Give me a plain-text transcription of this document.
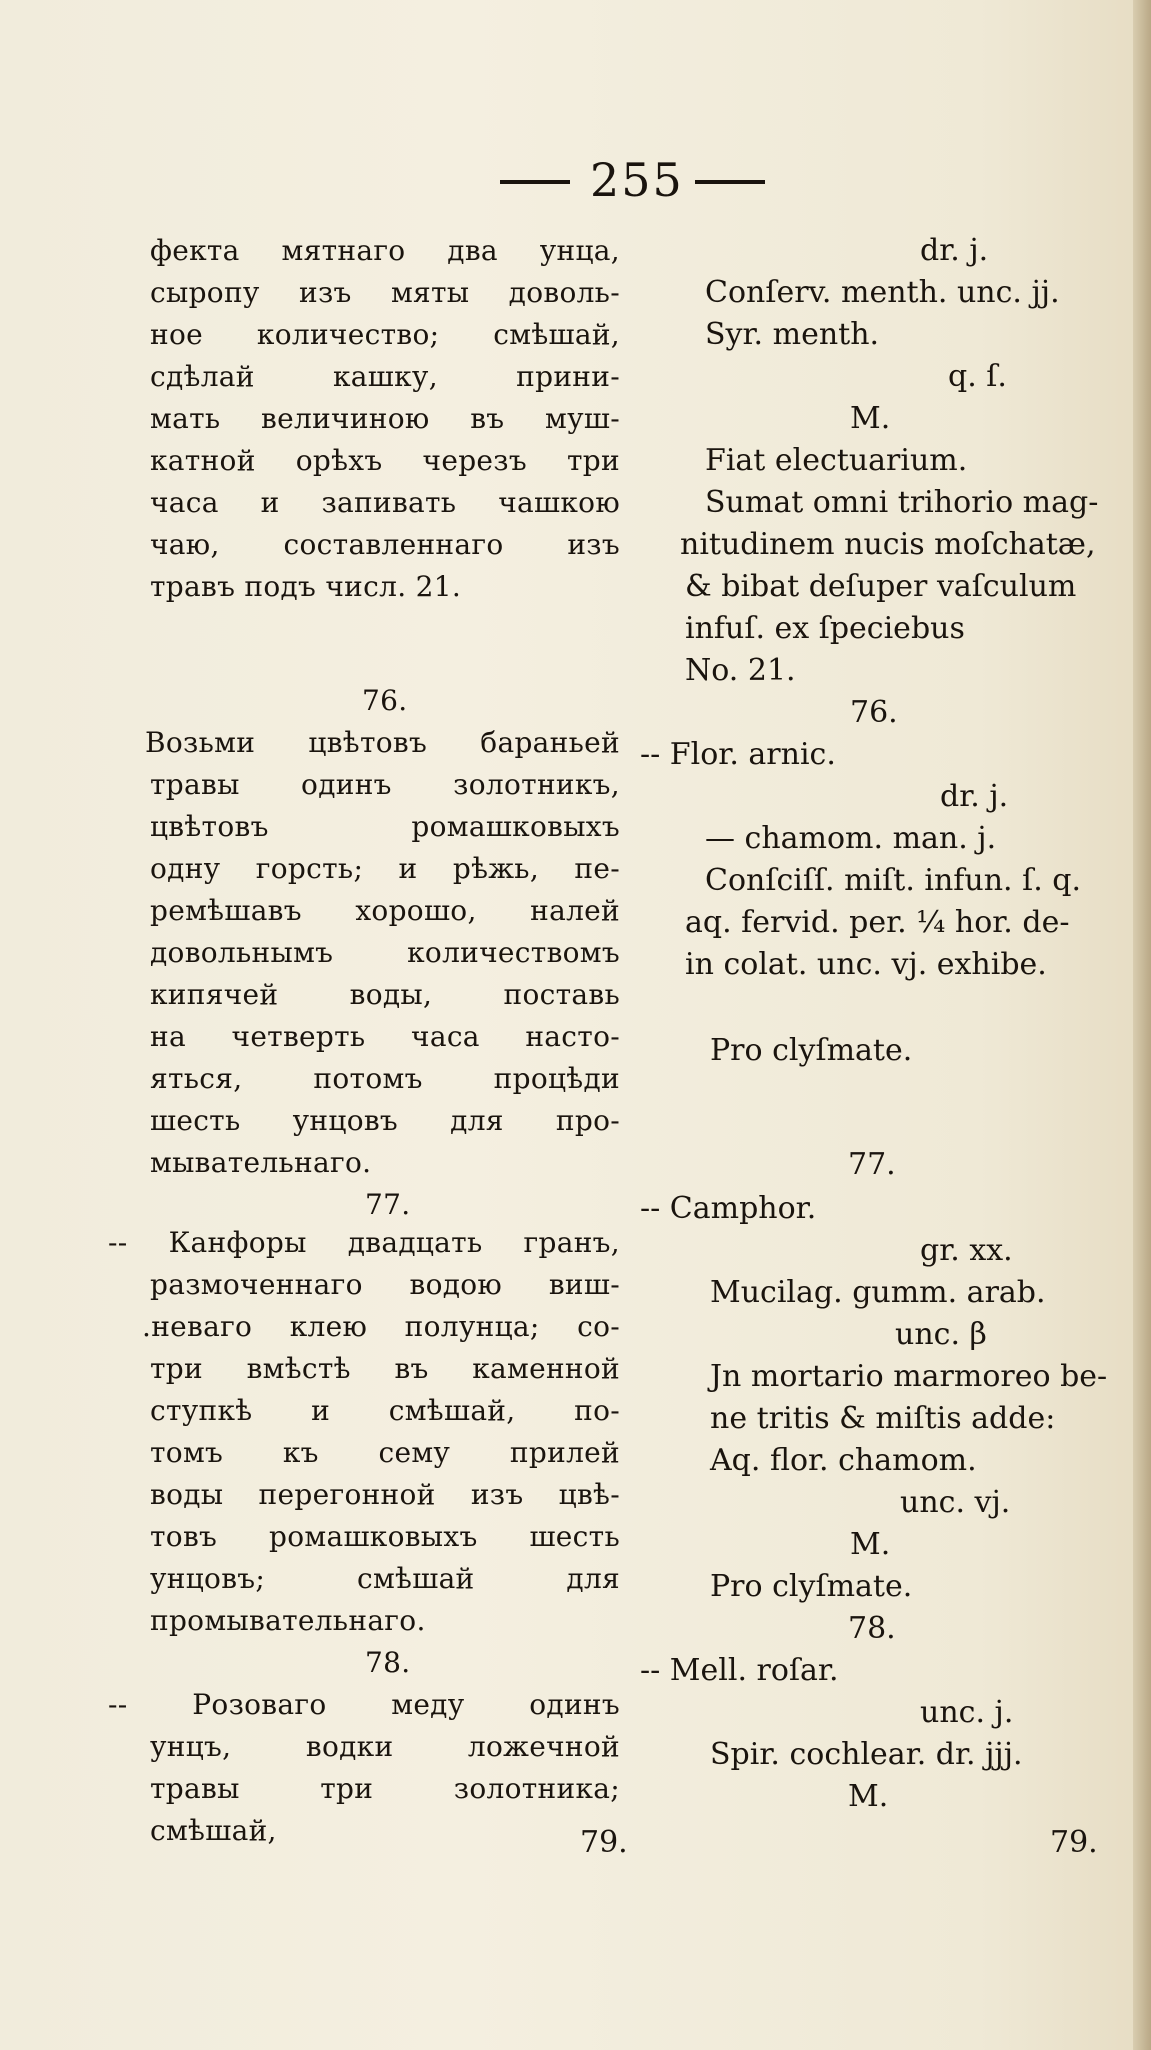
255
фекта мятнаго два унца,
сыропу изъ мяты доволь-
ное количество; смѣшай,
сдѣлай кашку, прини-
мать величиною въ муш-
катной орѣхъ черезъ три
часа и запивать чашкою
чаю, составленнаго изъ
травъ подъ числ. 21.
76.
Возьми цвѣтовъ бараньей
травы одинъ золотникъ,
цвѣтовъ ромашковыхъ
одну горсть; и рѣжь, пе-
ремѣшавъ хорошо, налей
довольнымъ количествомъ
кипячей воды, поставь
на четверть часа насто-
яться, потомъ процѣди
шесть унцовъ для про-
мывательнаго.
77.
-- Канфоры двадцать гранъ,
размоченнаго водою виш-
.неваго клею полунца; со-
три вмѣстѣ въ каменной
ступкѣ и смѣшай, по-
томъ къ сему прилей
воды перегонной изъ цвѣ-
товъ ромашковыхъ шесть
унцовъ; смѣшай для
промывательнаго.
78.
-- Розоваго меду одинъ
унцъ, водки ложечной
травы три золотника;
смѣшай,
dr. j.
Conſerv. menth. unc. jj.
Syr. menth.
q. ſ.
M.
Fiat electuarium.
Sumat omni trihorio mag-
nitudinem nucis moſchatæ,
& bibat deſuper vaſculum
infuſ. ex ſpeciebus
No. 21.
76.
-- Flor. arnic.
dr. j.
— chamom. man. j.
Conſciſſ. miſt. infun. ſ. q.
aq. fervid. per. ¼ hor. de-
in colat. unc. vj. exhibe.
Pro clyſmate.
77.
-- Camphor.
gr. xx.
Mucilag. gumm. arab.
unc. β
Jn mortario marmoreo be-
ne tritis & miſtis adde:
Aq. flor. chamom.
unc. vj.
M.
Pro clyſmate.
78.
-- Mell. roſar.
unc. j.
Spir. cochlear. dr. jjj.
M.
79.	79.
